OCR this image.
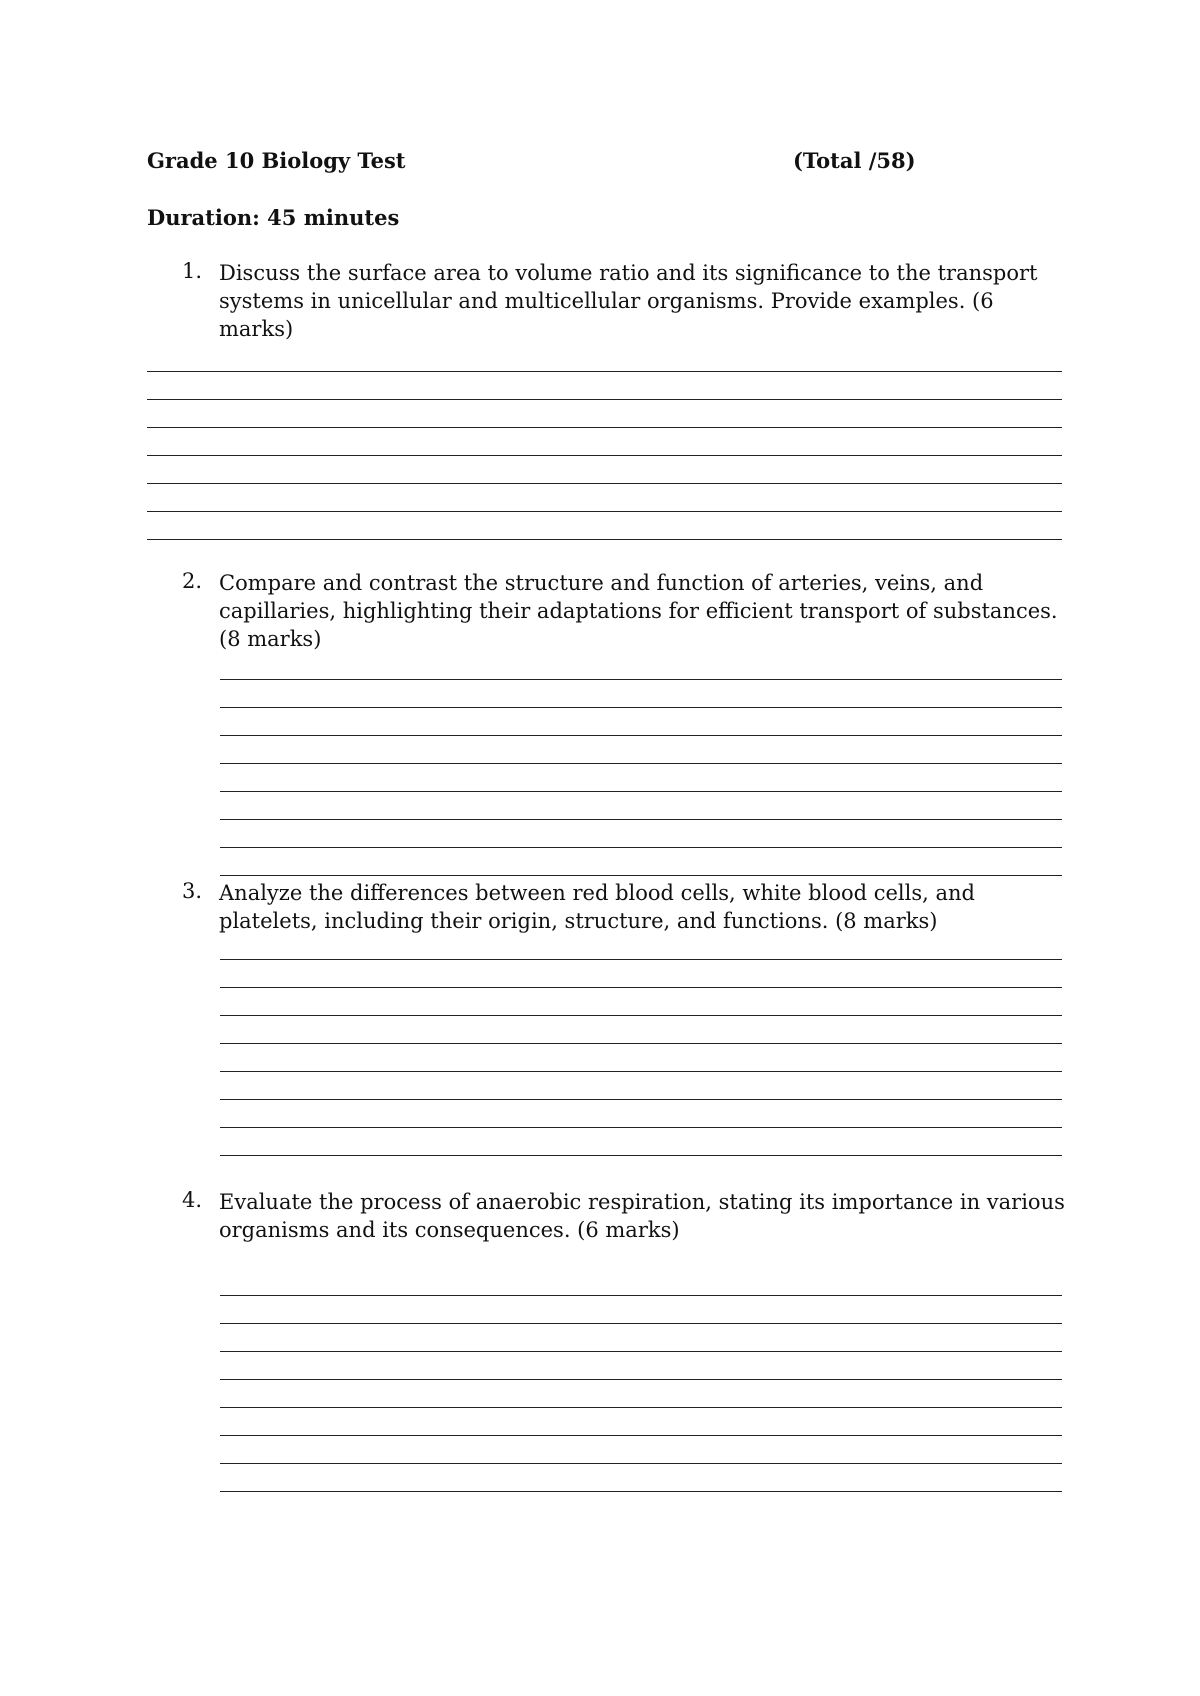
Grade 10 Biology Test	(Total /58)
Duration: 45 minutes
1. Discuss the surface area to volume ratio and its significance to the transport systems in unicellular and multicellular organisms. Provide examples. (6 marks)
2. Compare and contrast the structure and function of arteries, veins, and capillaries, highlighting their adaptations for efficient transport of substances. (8 marks)
3. Analyze the differences between red blood cells, white blood cells, and platelets, including their origin, structure, and functions. (8 marks)
4. Evaluate the process of anaerobic respiration, stating its importance in various organisms and its consequences. (6 marks)
